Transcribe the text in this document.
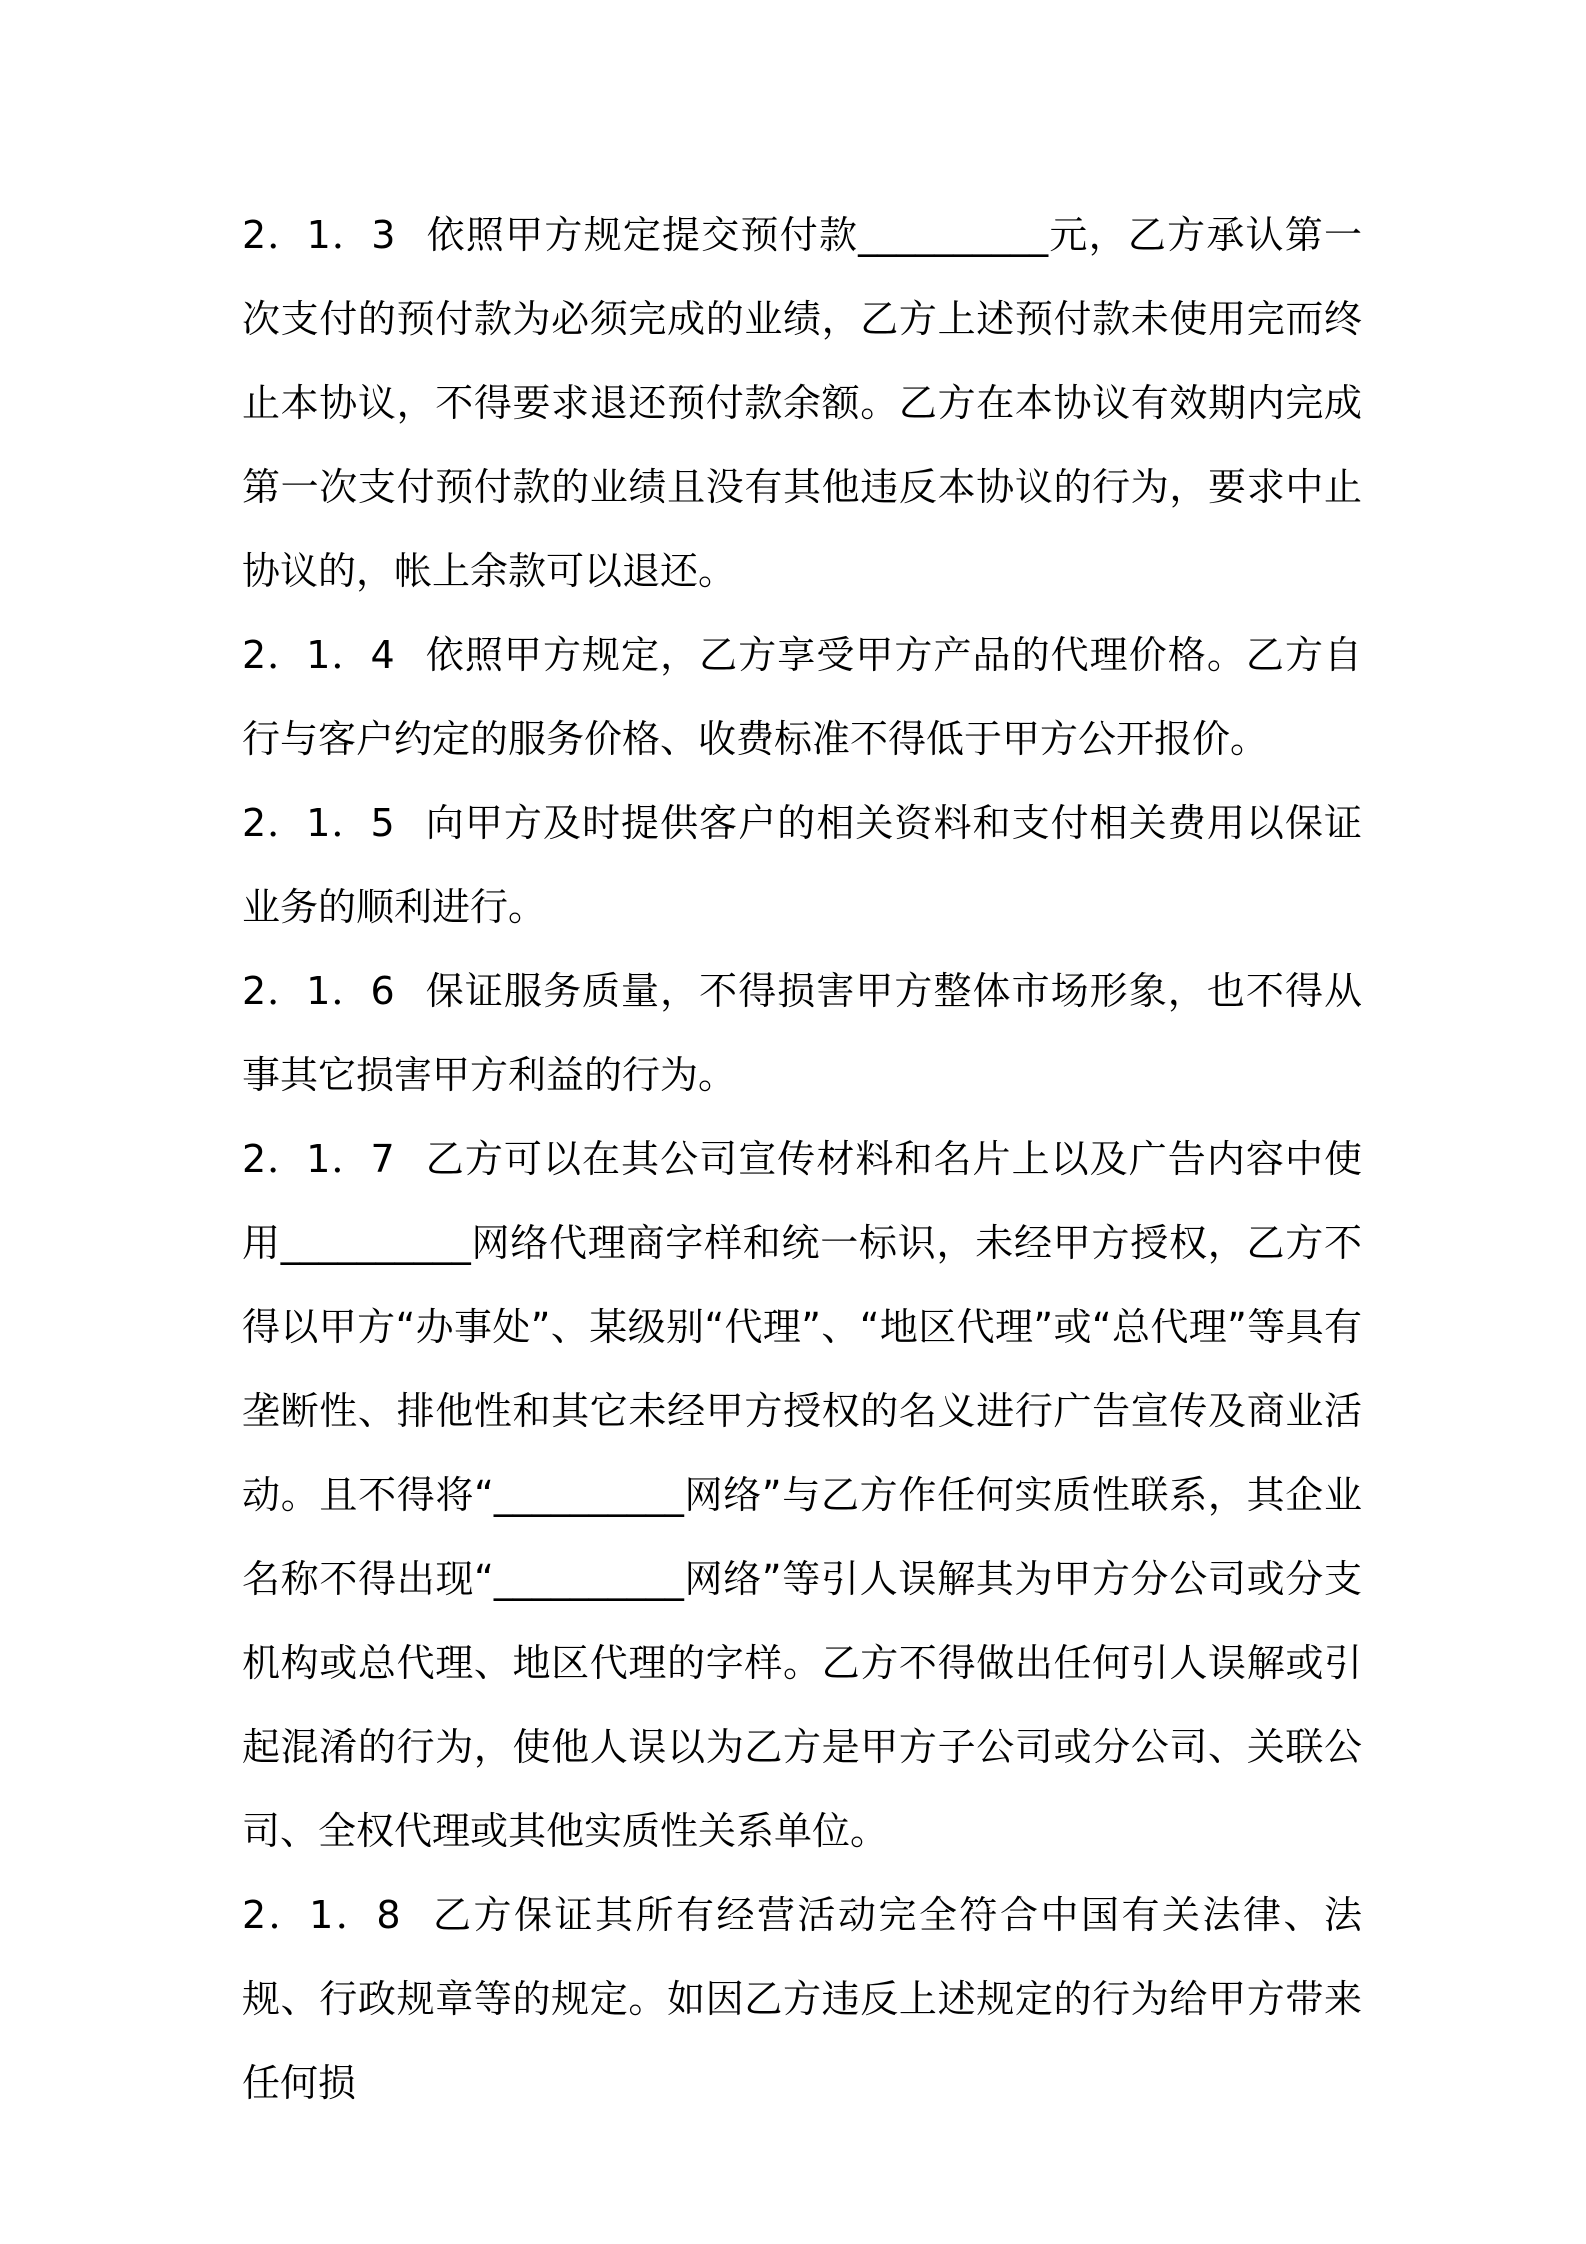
2．1．3 依照甲方规定提交预付款__________元，乙方承认第一次支付的预付款为必须完成的业绩，乙方上述预付款未使用完而终止本协议，不得要求退还预付款余额。乙方在本协议有效期内完成第一次支付预付款的业绩且没有其他违反本协议的行为，要求中止协议的，帐上余款可以退还。

2．1．4 依照甲方规定，乙方享受甲方产品的代理价格。乙方自行与客户约定的服务价格、收费标准不得低于甲方公开报价。

2．1．5 向甲方及时提供客户的相关资料和支付相关费用以保证业务的顺利进行。

2．1．6 保证服务质量，不得损害甲方整体市场形象，也不得从事其它损害甲方利益的行为。

2．1．7 乙方可以在其公司宣传材料和名片上以及广告内容中使用__________网络代理商字样和统一标识，未经甲方授权，乙方不得以甲方“办事处”、某级别“代理”、“地区代理”或“总代理”等具有垄断性、排他性和其它未经甲方授权的名义进行广告宣传及商业活动。且不得将“__________网络”与乙方作任何实质性联系，其企业名称不得出现“__________网络”等引人误解其为甲方分公司或分支机构或总代理、地区代理的字样。乙方不得做出任何引人误解或引起混淆的行为，使他人误以为乙方是甲方子公司或分公司、关联公司、全权代理或其他实质性关系单位。

2．1．8 乙方保证其所有经营活动完全符合中国有关法律、法规、行政规章等的规定。如因乙方违反上述规定的行为给甲方带来任何损
